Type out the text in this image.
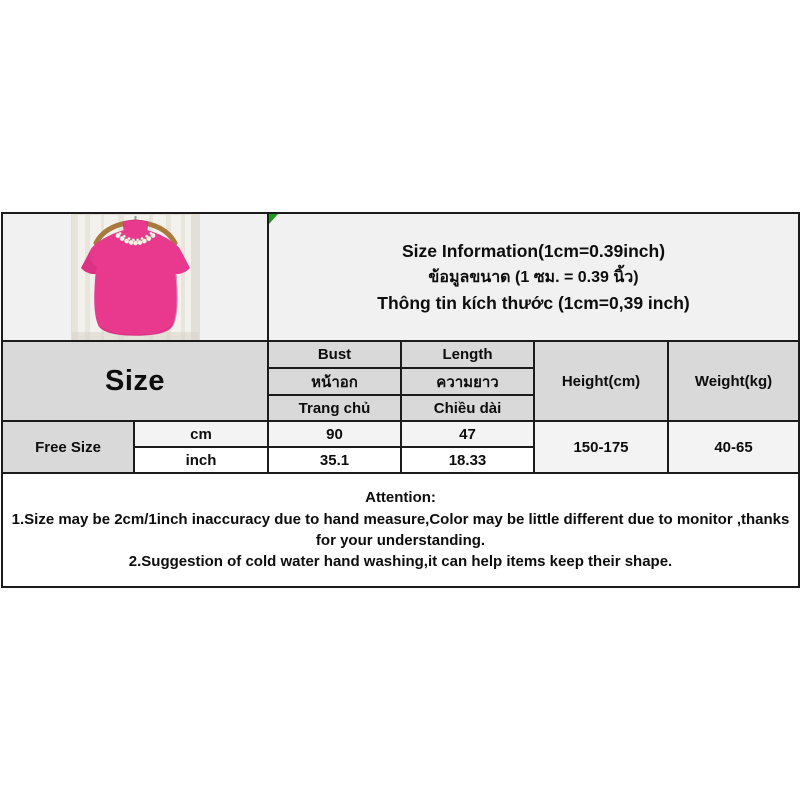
Size Information(1cm=0.39inch)
ข้อมูลขนาด (1 ซม. = 0.39 นิ้ว)
Thông tin kích thước (1cm=0,39 inch)			

Size		Bust	Length	Height(cm)	Weight(kg)
		หน้าอก	ความยาว		
		Trang chủ	Chiều dài		
Free Size	cm	90	47	150-175	40-65
	inch	35.1	18.33		

Attention:

1.Size may be 2cm/1inch inaccuracy due to hand measure,Color may be little different due to monitor ,thanks for your understanding.

2.Suggestion of cold water hand washing,it can help items keep their shape.					
